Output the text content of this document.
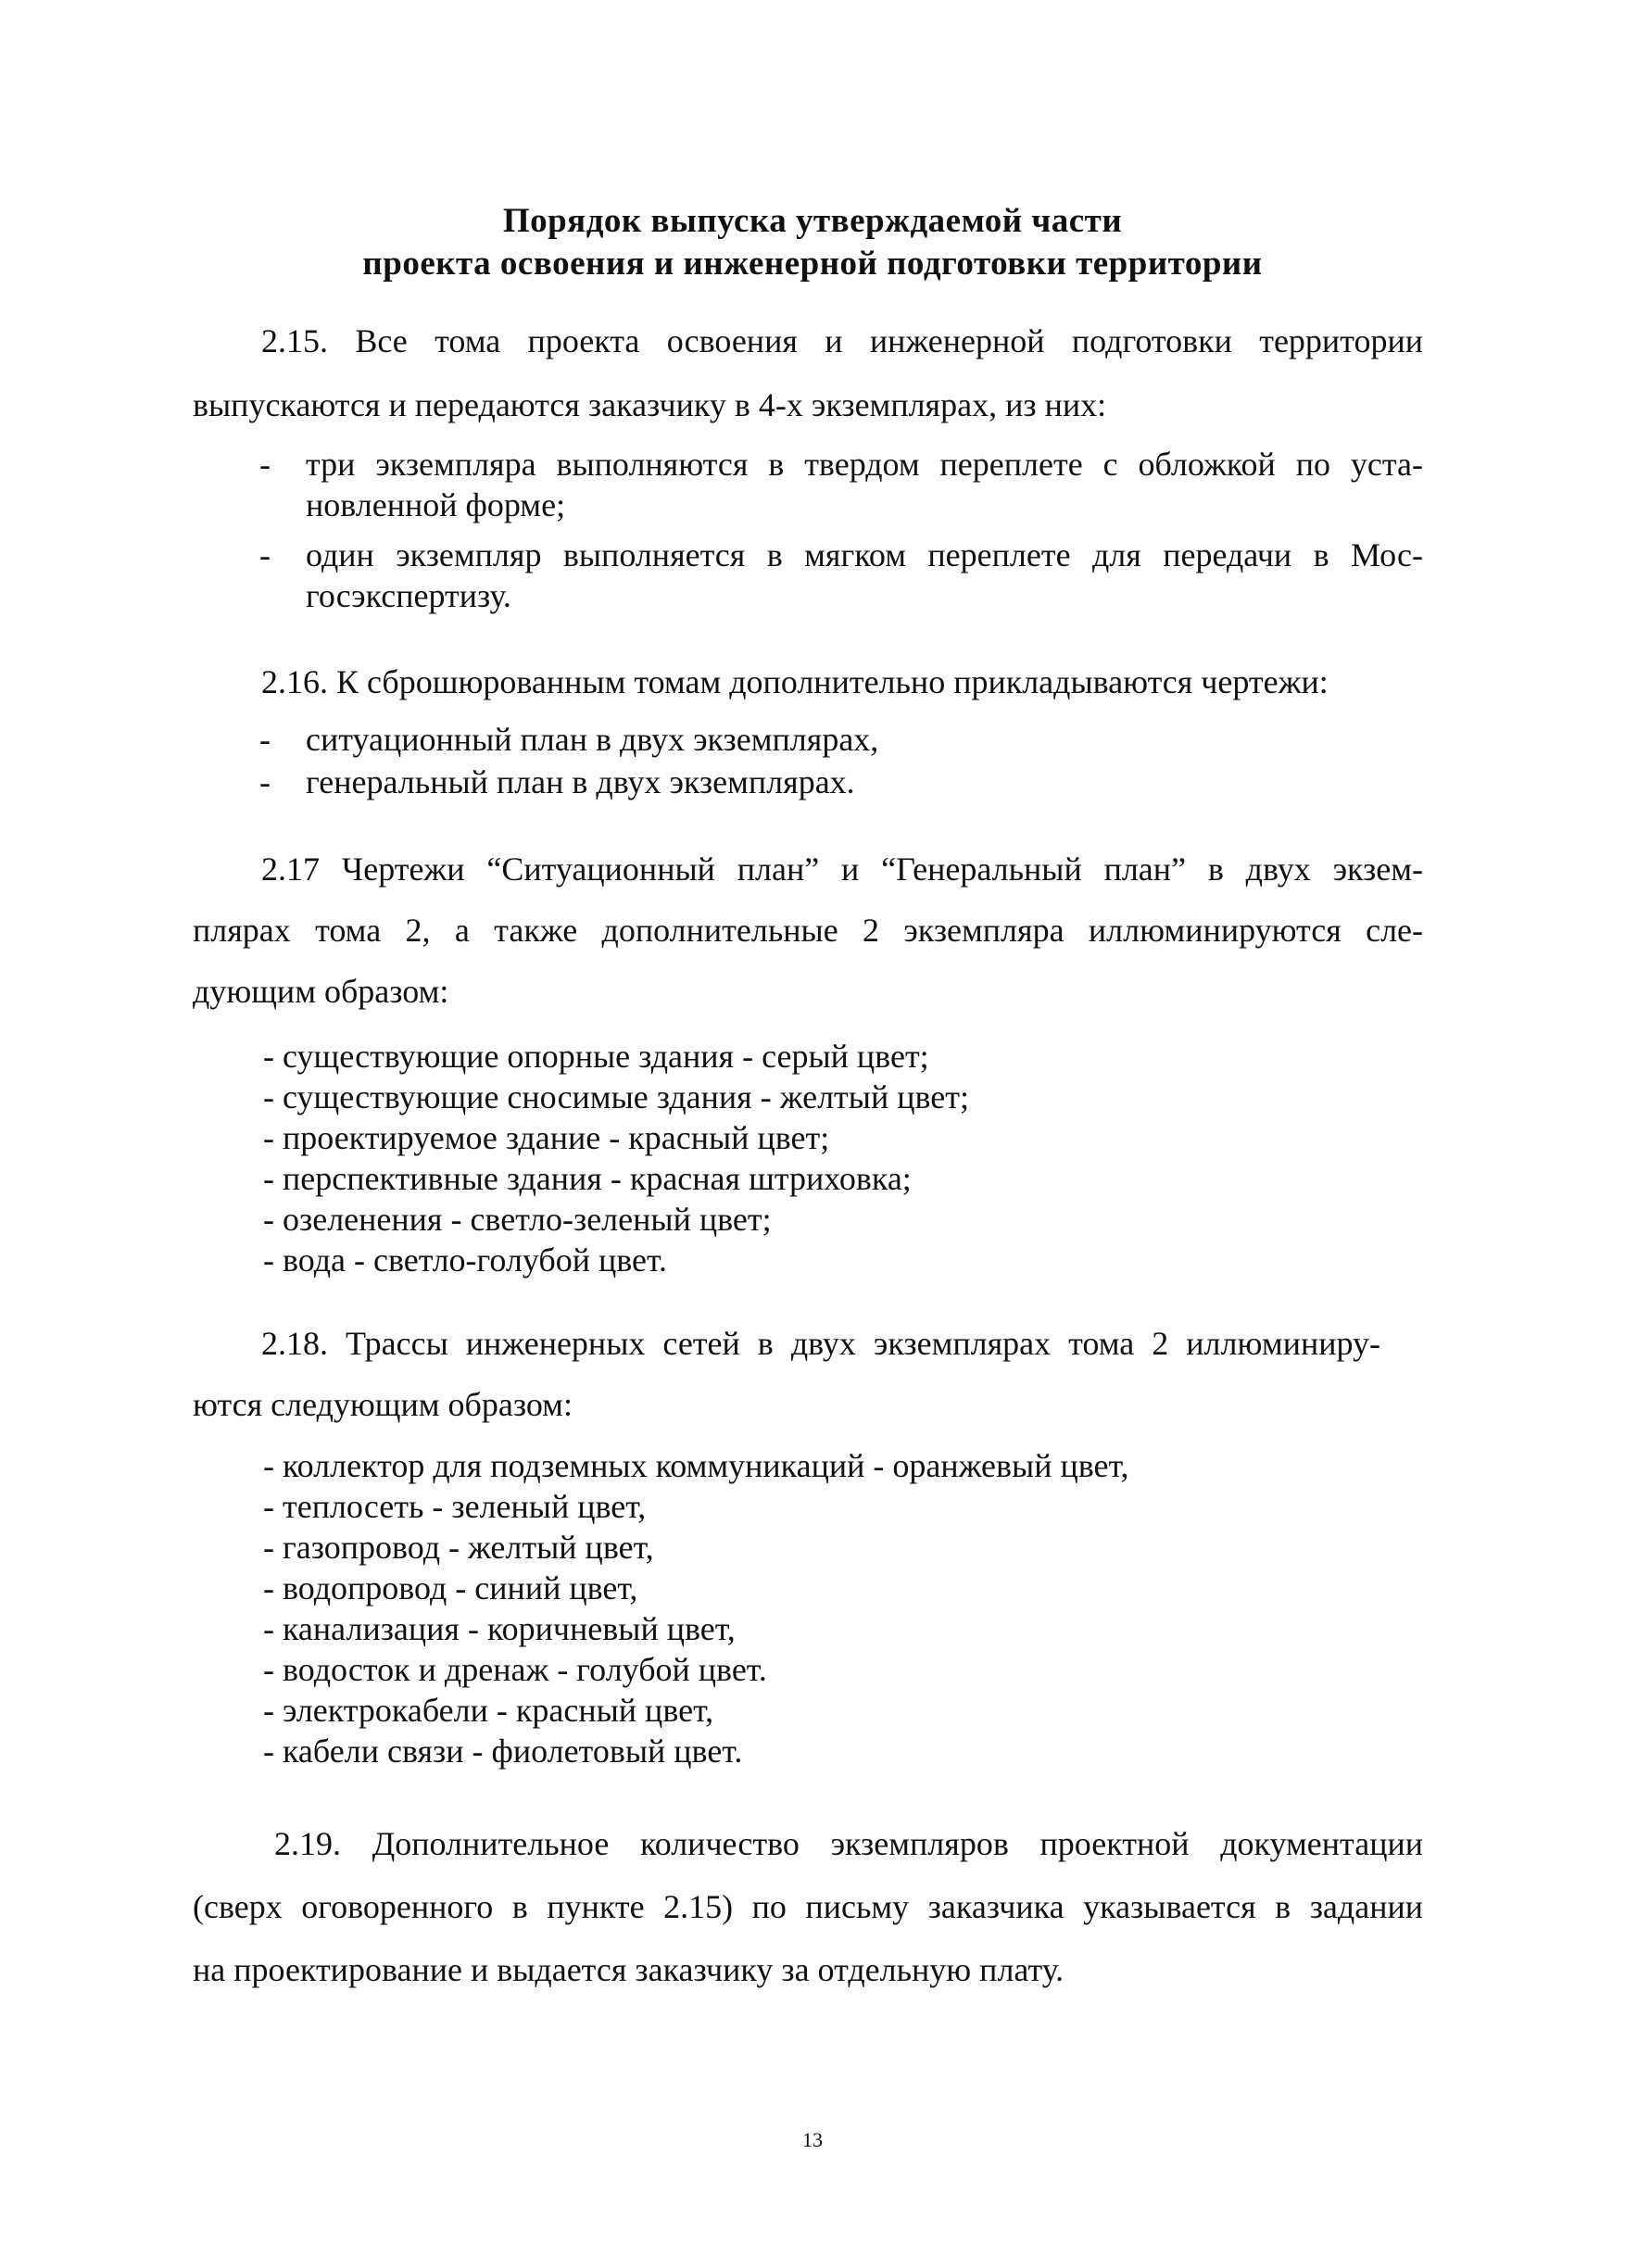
Порядок выпуска утверждаемой части
проекта освоения и инженерной подготовки территории
2.15. Все тома проекта освоения и инженерной подготовки территории
выпускаются и передаются заказчику в 4-х экземплярах, из них:
- три экземпляра выполняются в твердом переплете с обложкой по уста-
новленной форме;
- один экземпляр выполняется в мягком переплете для передачи в Мос-
госэкспертизу.
2.16. К сброшюрованным томам дополнительно прикладываются чертежи:
- ситуационный план в двух экземплярах,
- генеральный план в двух экземплярах.
2.17 Чертежи “Ситуационный план” и “Генеральный план” в двух экзем-
плярах тома 2, а также дополнительные 2 экземпляра иллюминируются сле-
дующим образом:
- существующие опорные здания - серый цвет;
- существующие сносимые здания - желтый цвет;
- проектируемое здание - красный цвет;
- перспективные здания - красная штриховка;
- озеленения - светло-зеленый цвет;
- вода - светло-голубой цвет.
2.18. Трассы инженерных сетей в двух экземплярах тома 2 иллюминиру-
ются следующим образом:
- коллектор для подземных коммуникаций - оранжевый цвет,
- теплосеть - зеленый цвет,
- газопровод - желтый цвет,
- водопровод - синий цвет,
- канализация - коричневый цвет,
- водосток и дренаж - голубой цвет.
- электрокабели - красный цвет,
- кабели связи - фиолетовый цвет.
2.19. Дополнительное количество экземпляров проектной документации
(сверх оговоренного в пункте 2.15) по письму заказчика указывается в задании
на проектирование и выдается заказчику за отдельную плату.
13
